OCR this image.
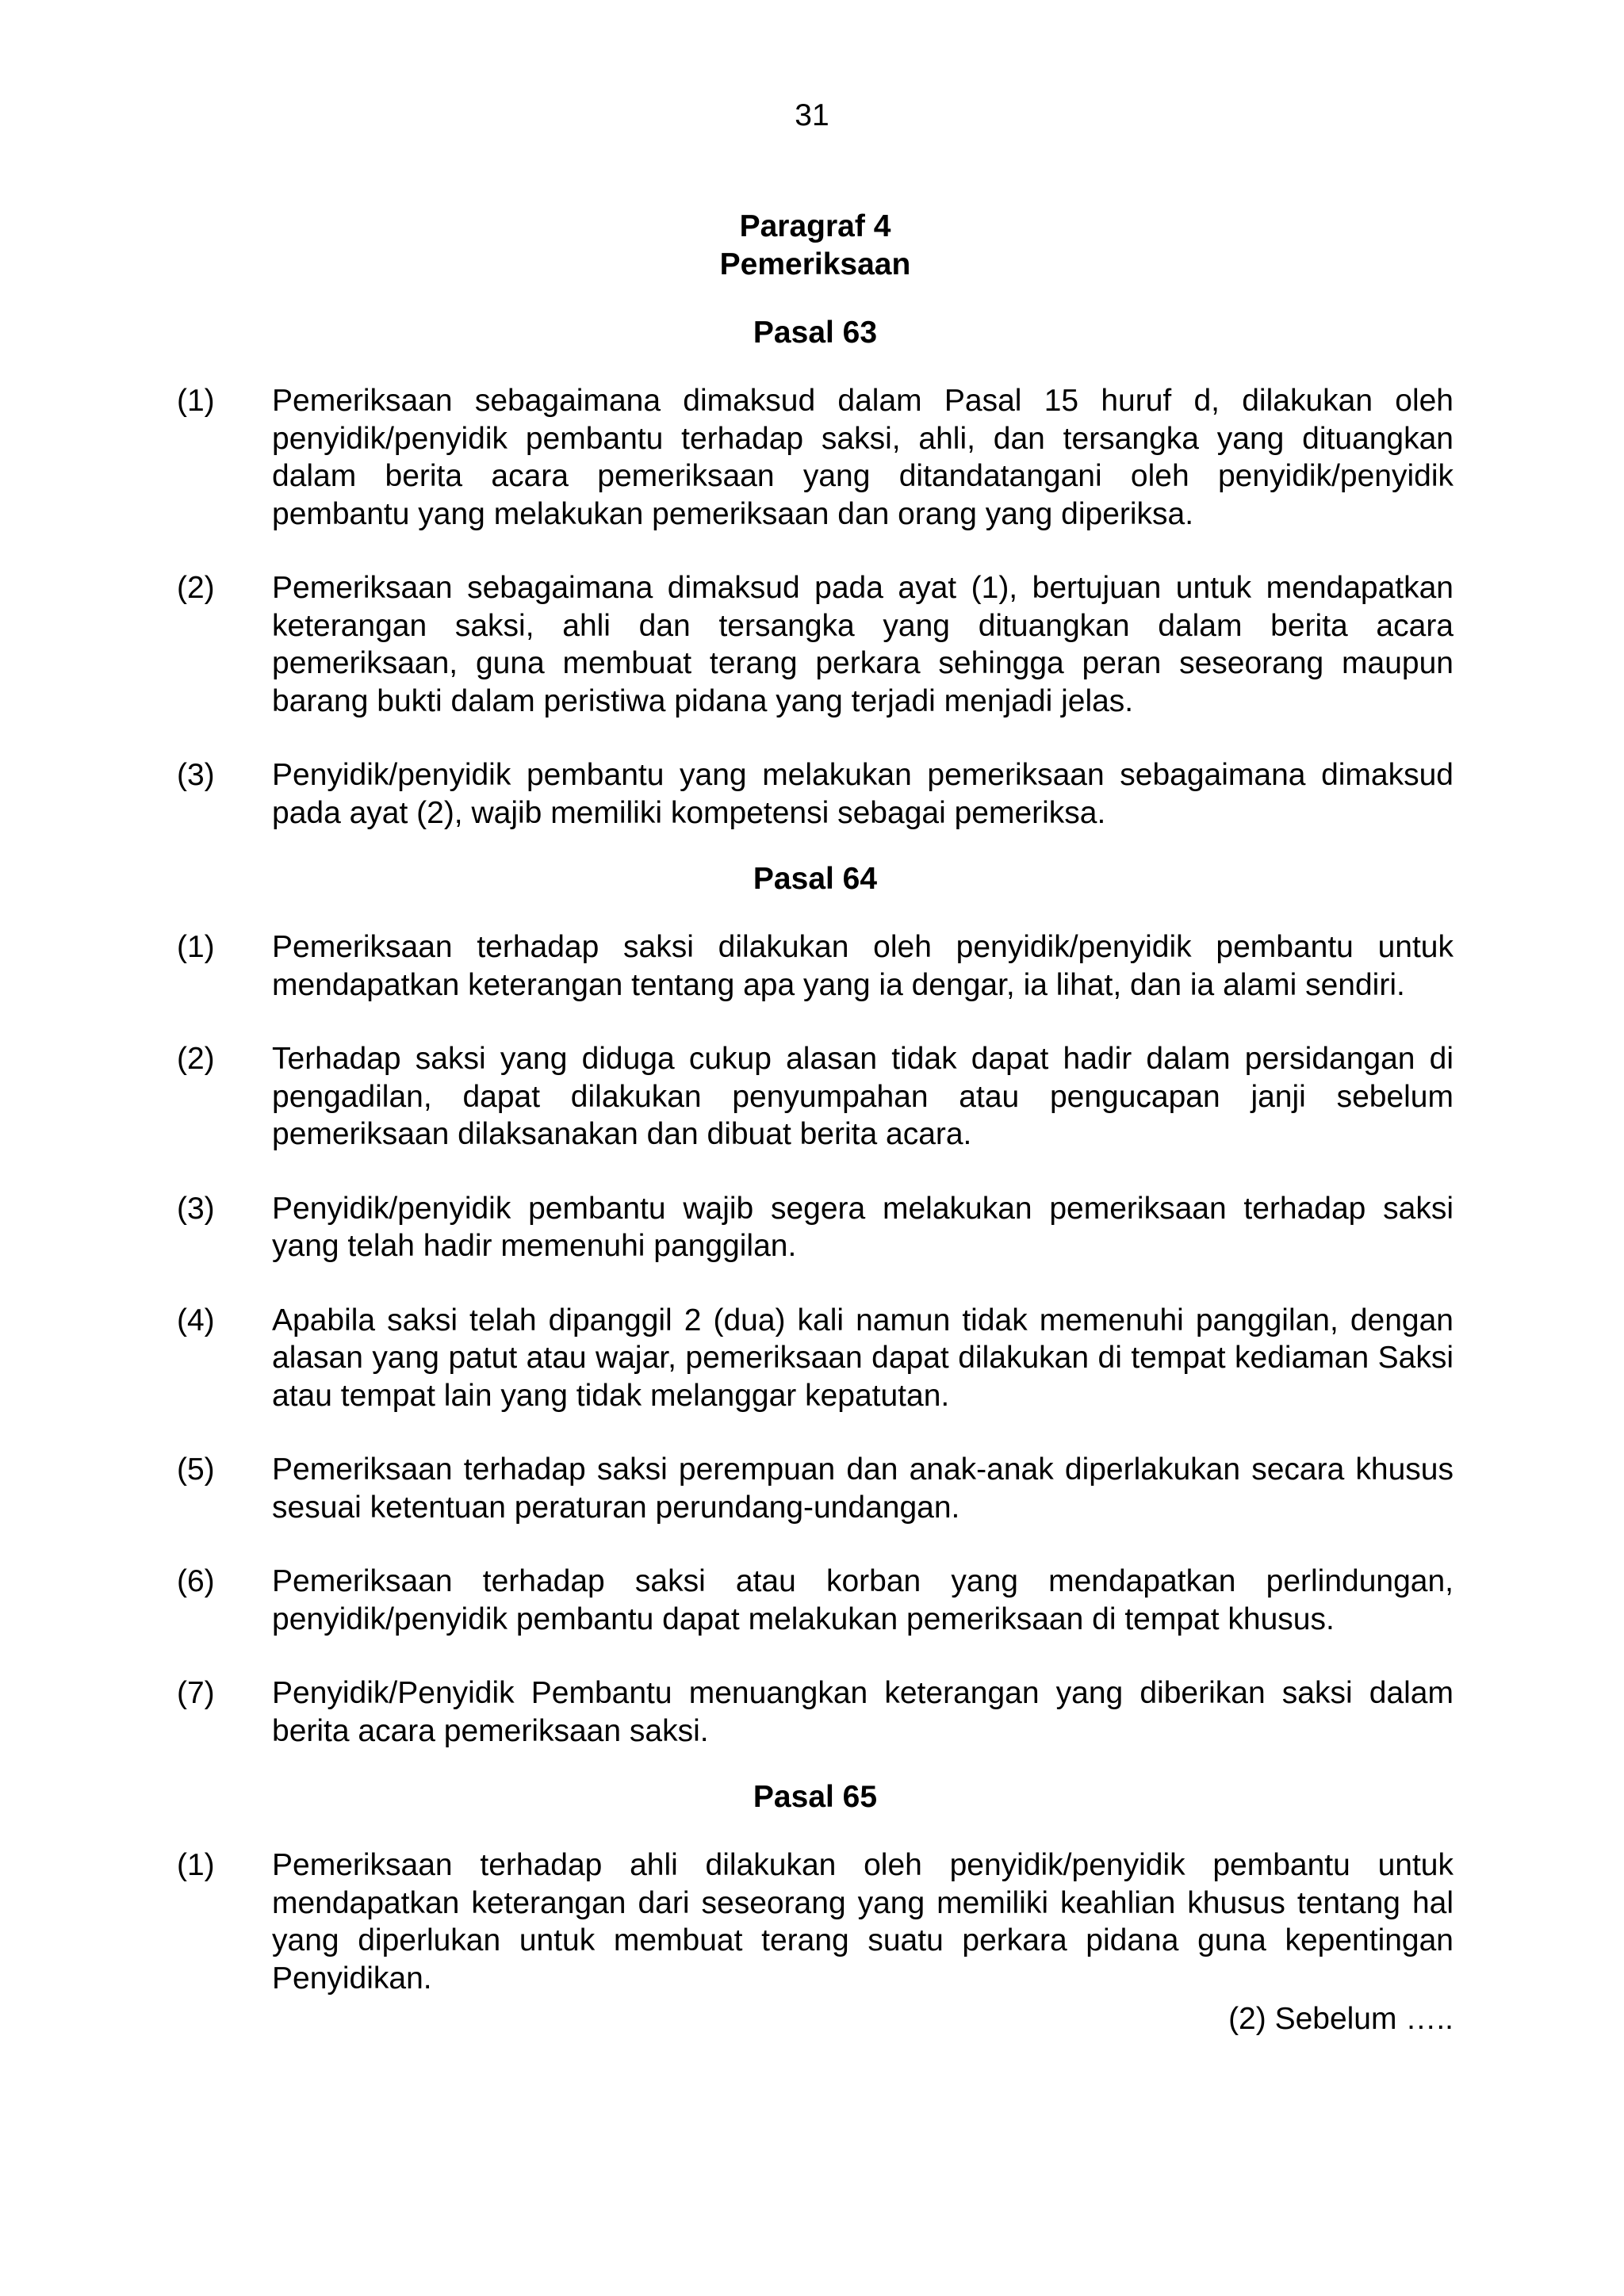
31
Paragraf 4
Pemeriksaan
Pasal 63
(1)	Pemeriksaan sebagaimana dimaksud dalam Pasal 15 huruf d, dilakukan oleh penyidik/penyidik pembantu terhadap saksi, ahli, dan tersangka yang dituangkan dalam berita acara pemeriksaan yang ditandatangani oleh penyidik/penyidik pembantu yang melakukan pemeriksaan dan orang yang diperiksa.
(2)	Pemeriksaan sebagaimana dimaksud pada ayat (1), bertujuan untuk mendapatkan keterangan saksi, ahli dan tersangka yang dituangkan dalam berita acara pemeriksaan, guna membuat terang perkara sehingga peran seseorang maupun barang bukti dalam peristiwa pidana yang terjadi menjadi jelas.
(3)	Penyidik/penyidik pembantu yang melakukan pemeriksaan sebagaimana dimaksud pada ayat (2), wajib memiliki kompetensi sebagai pemeriksa.
Pasal 64
(1)	Pemeriksaan terhadap saksi dilakukan oleh penyidik/penyidik pembantu untuk mendapatkan keterangan tentang apa yang ia dengar, ia lihat, dan ia alami sendiri.
(2)	Terhadap saksi yang diduga cukup alasan tidak dapat hadir dalam persidangan di pengadilan, dapat dilakukan penyumpahan atau pengucapan janji sebelum pemeriksaan dilaksanakan dan dibuat berita acara.
(3)	Penyidik/penyidik pembantu wajib segera melakukan pemeriksaan terhadap saksi yang telah hadir memenuhi panggilan.
(4)	Apabila saksi telah dipanggil 2 (dua) kali namun tidak memenuhi panggilan, dengan alasan yang patut atau wajar, pemeriksaan dapat dilakukan di tempat kediaman Saksi atau tempat lain yang tidak melanggar kepatutan.
(5)	Pemeriksaan terhadap saksi perempuan dan anak-anak diperlakukan secara khusus sesuai ketentuan peraturan perundang-undangan.
(6)	Pemeriksaan terhadap saksi atau korban yang mendapatkan perlindungan, penyidik/penyidik pembantu dapat melakukan pemeriksaan di tempat khusus.
(7)	Penyidik/Penyidik Pembantu menuangkan keterangan yang diberikan saksi dalam berita acara pemeriksaan saksi.
Pasal 65
(1)	Pemeriksaan terhadap ahli dilakukan oleh penyidik/penyidik pembantu untuk mendapatkan keterangan dari seseorang yang memiliki keahlian khusus tentang hal yang diperlukan untuk membuat terang suatu perkara pidana guna kepentingan Penyidikan.
(2) Sebelum …..
